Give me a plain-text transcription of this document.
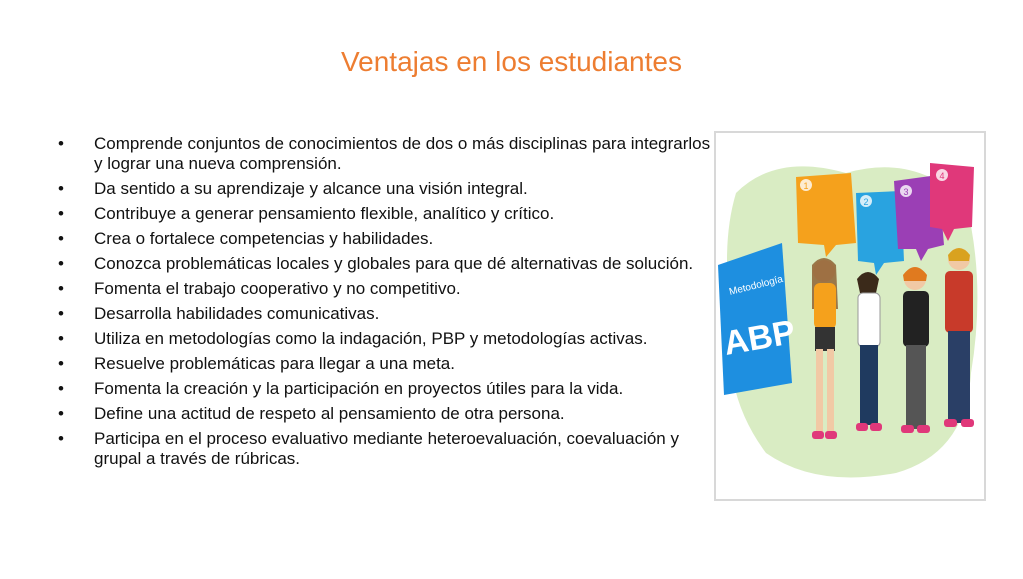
Ventajas en los estudiantes
• Comprende conjuntos de conocimientos de dos o más disciplinas para integrarlos y lograr una nueva comprensión.
• Da sentido a su aprendizaje y alcance una visión integral.
• Contribuye a generar pensamiento flexible, analítico y crítico.
• Crea o fortalece competencias y habilidades.
• Conozca problemáticas locales y globales para que dé alternativas de solución.
• Fomenta el trabajo cooperativo y no competitivo.
• Desarrolla habilidades comunicativas.
• Utiliza en metodologías como la indagación, PBP y metodologías activas.
• Resuelve problemáticas para llegar a una meta.
• Fomenta la creación y la participación en proyectos útiles para la vida.
• Define una actitud de respeto al pensamiento de otra persona.
• Participa en el proceso evaluativo mediante heteroevaluación, coevaluación y grupal a través de rúbricas.
1
2
3
4
Metodología
ABP
